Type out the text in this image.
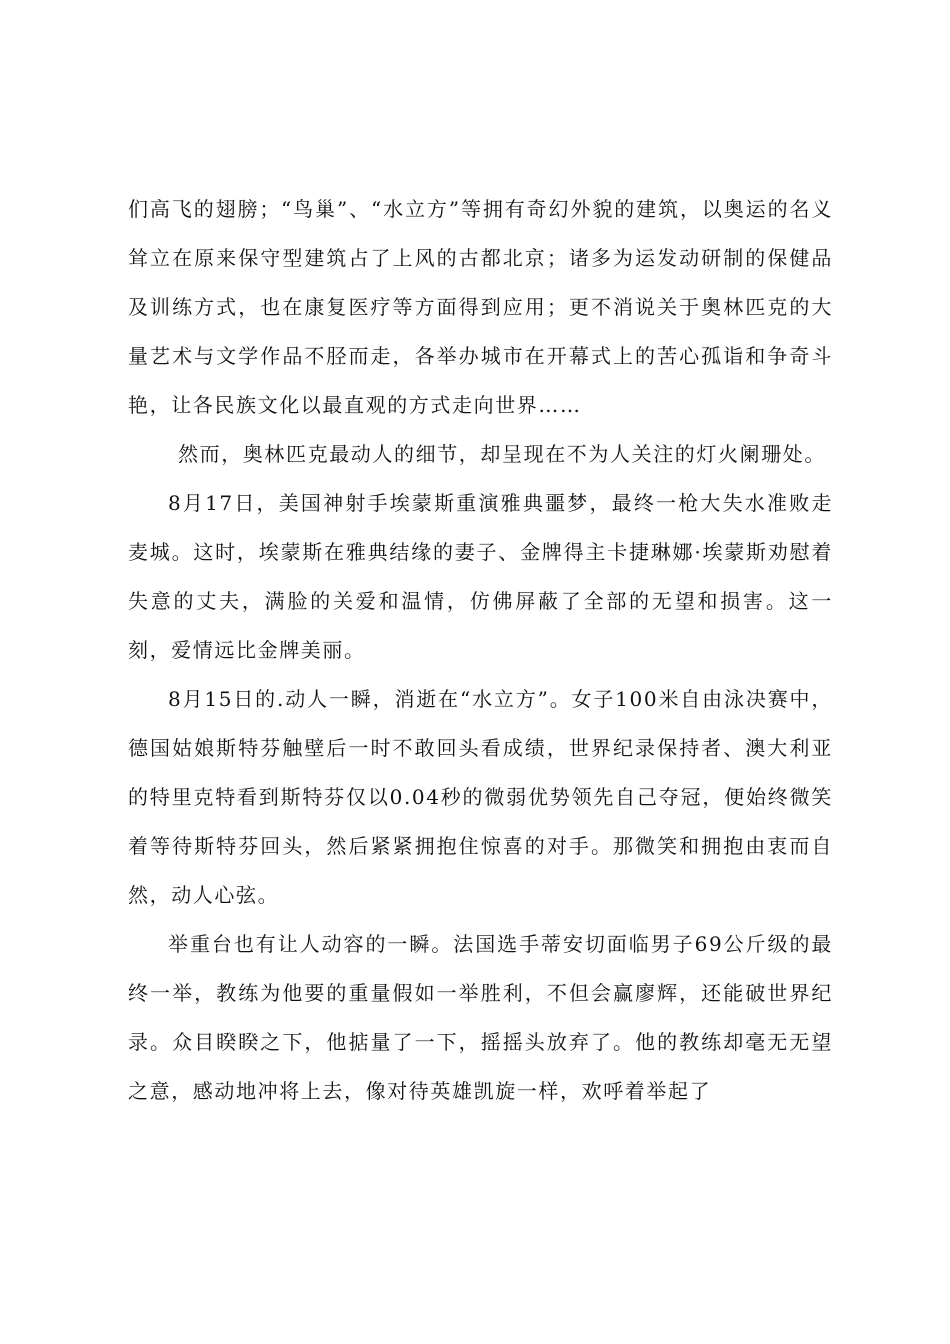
们高飞的翅膀；“鸟巢”、“水立方”等拥有奇幻外貌的建筑，以奥运的名义耸立在原来保守型建筑占了上风的古都北京；诸多为运发动研制的保健品及训练方式，也在康复医疗等方面得到应用；更不消说关于奥林匹克的大量艺术与文学作品不胫而走，各举办城市在开幕式上的苦心孤诣和争奇斗艳，让各民族文化以最直观的方式走向世界……

然而，奥林匹克最动人的细节，却呈现在不为人关注的灯火阑珊处。

8月17日，美国神射手埃蒙斯重演雅典噩梦，最终一枪大失水准败走麦城。这时，埃蒙斯在雅典结缘的妻子、金牌得主卡捷琳娜·埃蒙斯劝慰着失意的丈夫，满脸的关爱和温情，仿佛屏蔽了全部的无望和损害。这一刻，爱情远比金牌美丽。

8月15日的.动人一瞬，消逝在“水立方”。女子100米自由泳决赛中，德国姑娘斯特芬触壁后一时不敢回头看成绩，世界纪录保持者、澳大利亚的特里克特看到斯特芬仅以0.04秒的微弱优势领先自己夺冠，便始终微笑着等待斯特芬回头，然后紧紧拥抱住惊喜的对手。那微笑和拥抱由衷而自然，动人心弦。

举重台也有让人动容的一瞬。法国选手蒂安切面临男子69公斤级的最终一举，教练为他要的重量假如一举胜利，不但会赢廖辉，还能破世界纪录。众目睽睽之下，他掂量了一下，摇摇头放弃了。他的教练却毫无无望之意，感动地冲将上去，像对待英雄凯旋一样，欢呼着举起了
